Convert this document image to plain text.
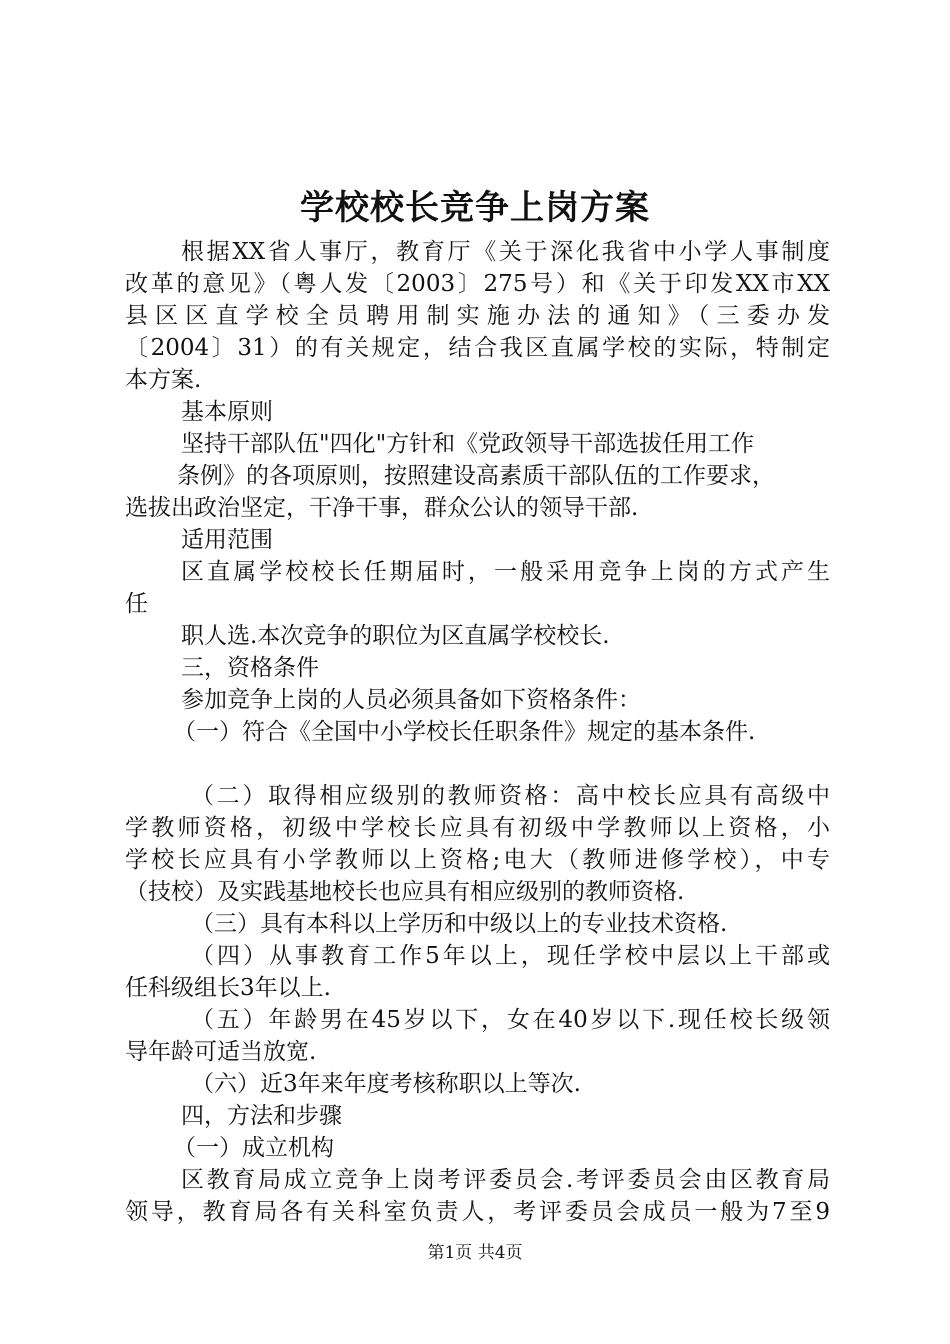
学校校长竞争上岗方案
根据XX省人事厅，教育厅《关于深化我省中小学人事制度
改革的意见》（粤人发〔2003〕275号）和《关于印发XX市XX
县区区直学校全员聘用制实施办法的通知》（三委办发
〔2004〕31）的有关规定，结合我区直属学校的实际，特制定
本方案.
基本原则
坚持干部队伍"四化"方针和《党政领导干部选拔任用工作
条例》的各项原则，按照建设高素质干部队伍的工作要求，
选拔出政治坚定，干净干事，群众公认的领导干部.
适用范围
区直属学校校长任期届时，一般采用竞争上岗的方式产生
任
职人选.本次竞争的职位为区直属学校校长.
三，资格条件
参加竞争上岗的人员必须具备如下资格条件：
（一）符合《全国中小学校长任职条件》规定的基本条件.
（二）取得相应级别的教师资格：高中校长应具有高级中
学教师资格，初级中学校长应具有初级中学教师以上资格，小
学校长应具有小学教师以上资格;电大（教师进修学校），中专
（技校）及实践基地校长也应具有相应级别的教师资格.
（三）具有本科以上学历和中级以上的专业技术资格.
（四）从事教育工作5年以上，现任学校中层以上干部或
任科级组长3年以上.
（五）年龄男在45岁以下，女在40岁以下.现任校长级领
导年龄可适当放宽.
（六）近3年来年度考核称职以上等次.
四，方法和步骤
（一）成立机构
区教育局成立竞争上岗考评委员会.考评委员会由区教育局
领导，教育局各有关科室负责人，考评委员会成员一般为7至9
第1页 共4页
